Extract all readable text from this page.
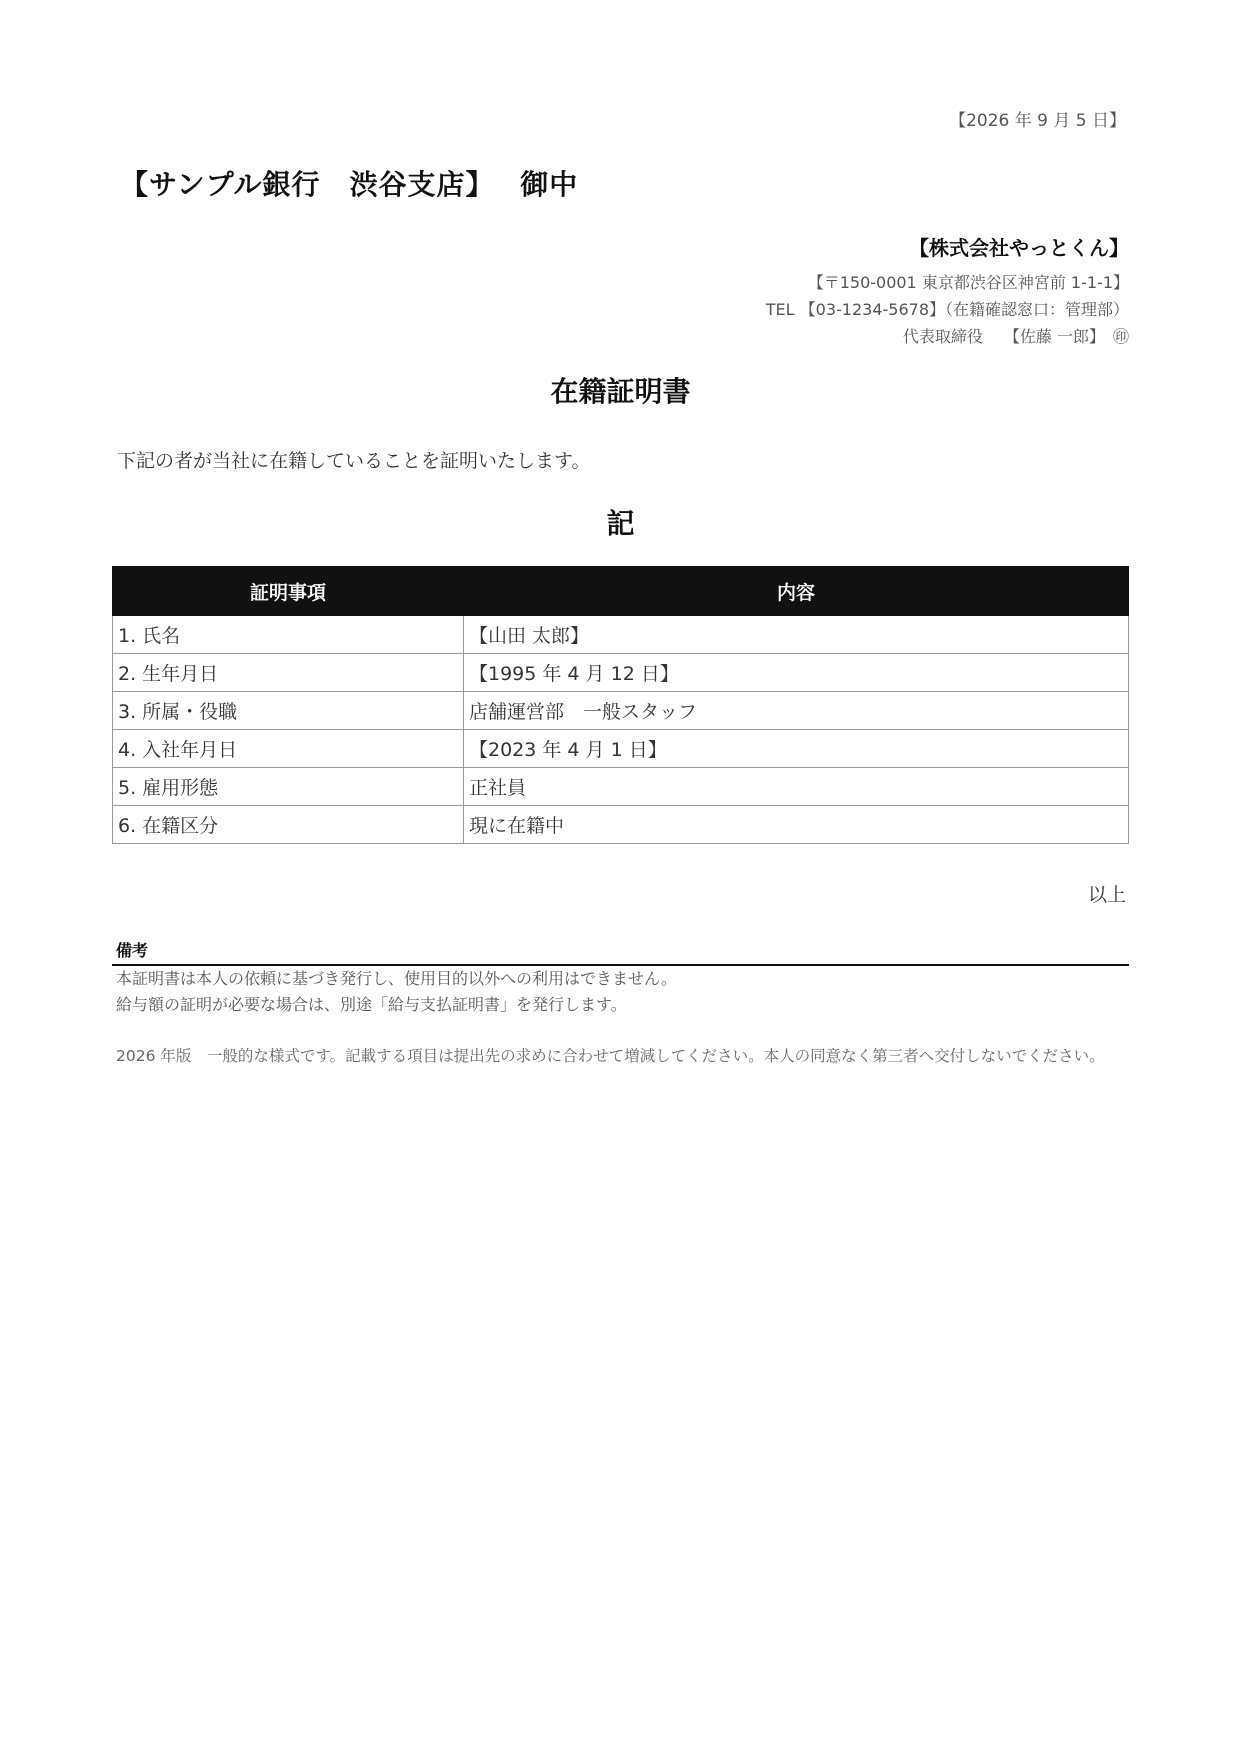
【2026 年 9 月 5 日】
【サンプル銀行　渋谷支店】　 御中
【株式会社やっとくん】
【〒150-0001 東京都渋谷区神宮前 1-1-1】
TEL 【03-1234-5678】（在籍確認窓口：管理部）
代表取締役　 【佐藤 一郎】　㊞
在籍証明書
下記の者が当社に在籍していることを証明いたします。
記
証明事項	内容
1. 氏名	【山田 太郎】
2. 生年月日	【1995 年 4 月 12 日】
3. 所属・役職	店舗運営部　一般スタッフ
4. 入社年月日	【2023 年 4 月 1 日】
5. 雇用形態	正社員
6. 在籍区分	現に在籍中
以上
備考
本証明書は本人の依頼に基づき発行し、使用目的以外への利用はできません。
給与額の証明が必要な場合は、別途「給与支払証明書」を発行します。
2026 年版　一般的な様式です。記載する項目は提出先の求めに合わせて増減してください。本人の同意なく第三者へ交付しないでください。
